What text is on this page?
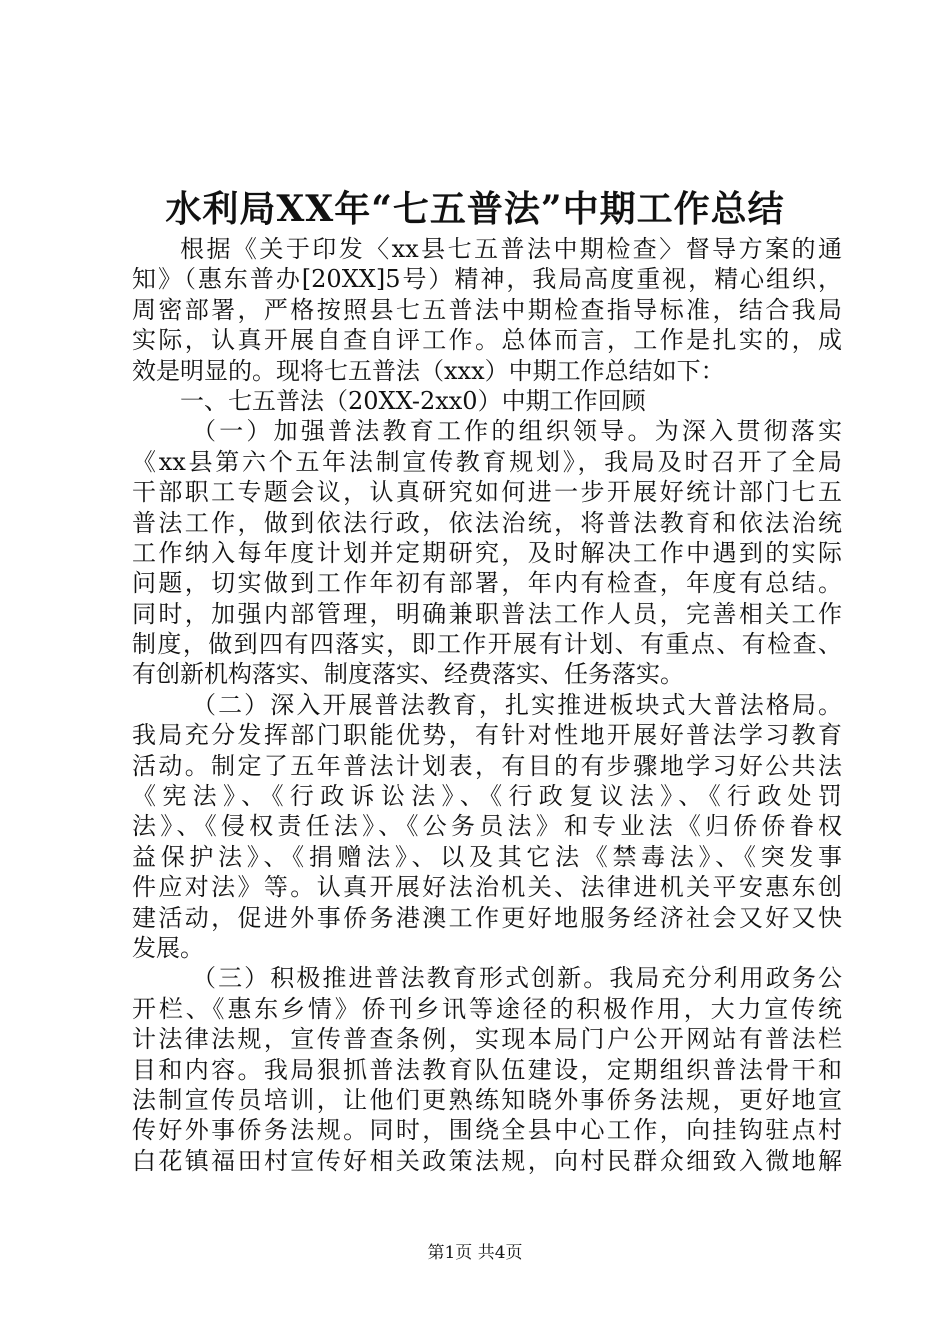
水利局XX年“七五普法”中期工作总结
根据《关于印发〈xx县七五普法中期检查〉督导方案的通
知》（惠东普办[20XX]5号）精神，我局高度重视，精心组织，
周密部署，严格按照县七五普法中期检查指导标准，结合我局
实际，认真开展自查自评工作。总体而言，工作是扎实的，成
效是明显的。现将七五普法（xxx）中期工作总结如下：
一、七五普法（20XX-2xx0）中期工作回顾
（一）加强普法教育工作的组织领导。为深入贯彻落实
《xx县第六个五年法制宣传教育规划》，我局及时召开了全局
干部职工专题会议，认真研究如何进一步开展好统计部门七五
普法工作，做到依法行政，依法治统，将普法教育和依法治统
工作纳入每年度计划并定期研究，及时解决工作中遇到的实际
问题，切实做到工作年初有部署，年内有检查，年度有总结。
同时，加强内部管理，明确兼职普法工作人员，完善相关工作
制度，做到四有四落实，即工作开展有计划、有重点、有检查、
有创新机构落实、制度落实、经费落实、任务落实。
（二）深入开展普法教育，扎实推进板块式大普法格局。
我局充分发挥部门职能优势，有针对性地开展好普法学习教育
活动。制定了五年普法计划表，有目的有步骤地学习好公共法
《宪法》、《行政诉讼法》、《行政复议法》、《行政处罚
法》、《侵权责任法》、《公务员法》和专业法《归侨侨眷权
益保护法》、《捐赠法》、以及其它法《禁毒法》、《突发事
件应对法》等。认真开展好法治机关、法律进机关平安惠东创
建活动，促进外事侨务港澳工作更好地服务经济社会又好又快
发展。
（三）积极推进普法教育形式创新。我局充分利用政务公
开栏、《惠东乡情》侨刊乡讯等途径的积极作用，大力宣传统
计法律法规，宣传普查条例，实现本局门户公开网站有普法栏
目和内容。我局狠抓普法教育队伍建设，定期组织普法骨干和
法制宣传员培训，让他们更熟练知晓外事侨务法规，更好地宣
传好外事侨务法规。同时，围绕全县中心工作，向挂钩驻点村
白花镇福田村宣传好相关政策法规，向村民群众细致入微地解
第1页 共4页
